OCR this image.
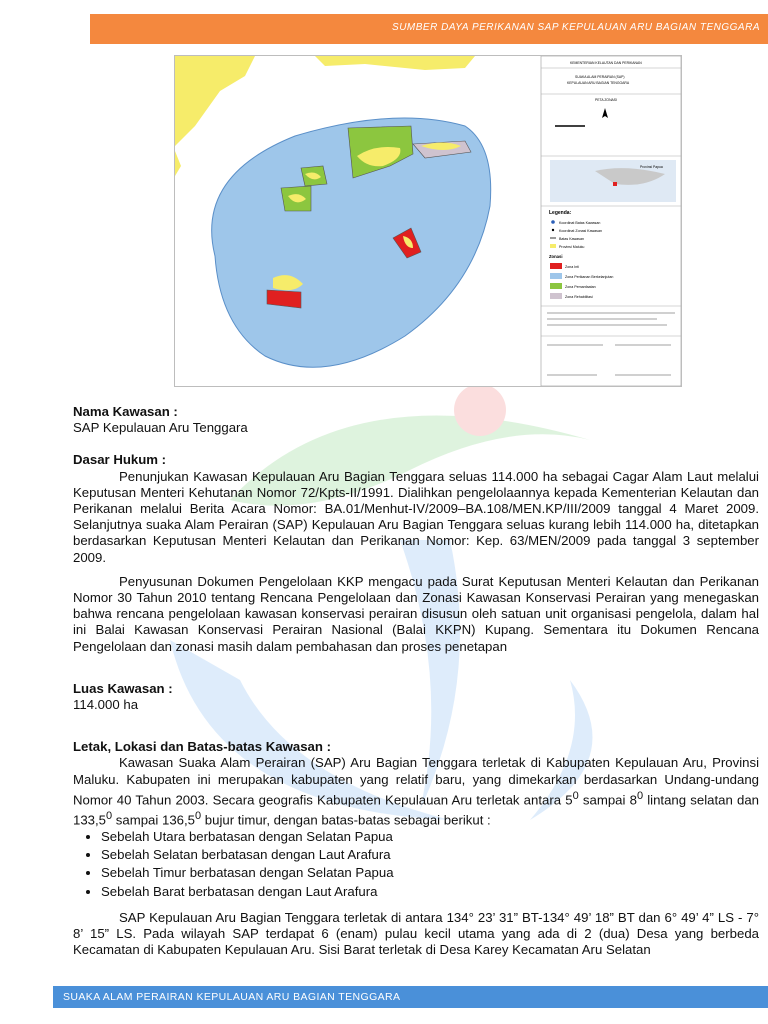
SUMBER DAYA PERIKANAN SAP KEPULAUAN ARU BAGIAN TENGGARA
KEMENTERIAN KELAUTAN DAN PERIKANAN
SUAKA ALAM PERAIRAN (SAP)
KEPULAUAN ARU BAGIAN TENGGARA
PETA ZONASI
Provinsi Papua
Legenda:
Koordinat Batas Kawasan
Koordinat Zonasi Kawasan
Batas Kawasan
Provinsi Maluku
Zonasi
Zona Inti
Zona Perikanan Berkelanjutan
Zona Pemanfaatan
Zona Rehabilitasi

Nama Kawasan :

SAP Kepulauan Aru Tenggara

Dasar Hukum :

Penunjukan Kawasan Kepulauan Aru Bagian Tenggara seluas 114.000 ha sebagai Cagar Alam Laut melalui Keputusan Menteri Kehutanan Nomor 72/Kpts-II/1991. Dialihkan pengelolaannya kepada Kementerian Kelautan dan Perikanan melalui Berita Acara Nomor: BA.01/Menhut-IV/2009–BA.108/MEN.KP/III/2009 tanggal 4 Maret 2009. Selanjutnya suaka Alam Perairan (SAP) Kepulauan Aru Bagian Tenggara seluas kurang lebih 114.000 ha, ditetapkan berdasarkan Keputusan Menteri Kelautan dan Perikanan Nomor: Kep. 63/MEN/2009 pada tanggal 3 september 2009.

Penyusunan Dokumen Pengelolaan KKP mengacu pada Surat Keputusan Menteri Kelautan dan Perikanan Nomor 30 Tahun 2010 tentang Rencana Pengelolaan dan Zonasi Kawasan Konservasi Perairan yang menegaskan bahwa rencana pengelolaan kawasan konservasi perairan disusun oleh satuan unit organisasi pengelola, dalam hal ini Balai Kawasan Konservasi Perairan Nasional (Balai KKPN) Kupang. Sementara itu Dokumen Rencana Pengelolaan dan zonasi masih dalam pembahasan dan proses penetapan

Luas Kawasan :

114.000 ha

Letak, Lokasi dan Batas-batas Kawasan :

Kawasan Suaka Alam Perairan (SAP) Aru Bagian Tenggara terletak di Kabupaten Kepulauan Aru, Provinsi Maluku. Kabupaten ini merupakan kabupaten yang relatif baru, yang dimekarkan berdasarkan Undang-undang Nomor 40 Tahun 2003. Secara geografis Kabupaten Kepulauan Aru terletak antara $5^0$ sampai $8^0$ lintang selatan dan 133,5$^0$ sampai 136,5$^0$ bujur timur, dengan batas-batas sebagai berikut :

• Sebelah Utara berbatasan dengan Selatan Papua
• Sebelah Selatan berbatasan dengan Laut Arafura
• Sebelah Timur berbatasan dengan Selatan Papua
• Sebelah Barat berbatasan dengan Laut Arafura

SAP Kepulauan Aru Bagian Tenggara terletak di antara 134° 23’ 31” BT-134° 49’ 18” BT dan 6° 49’ 4” LS - 7° 8’ 15” LS. Pada wilayah SAP terdapat 6 (enam) pulau kecil utama yang ada di 2 (dua) Desa yang berbeda Kecamatan di Kabupaten Kepulauan Aru. Sisi Barat terletak di Desa Karey Kecamatan Aru Selatan

SUAKA ALAM PERAIRAN KEPULAUAN ARU BAGIAN TENGGARA
